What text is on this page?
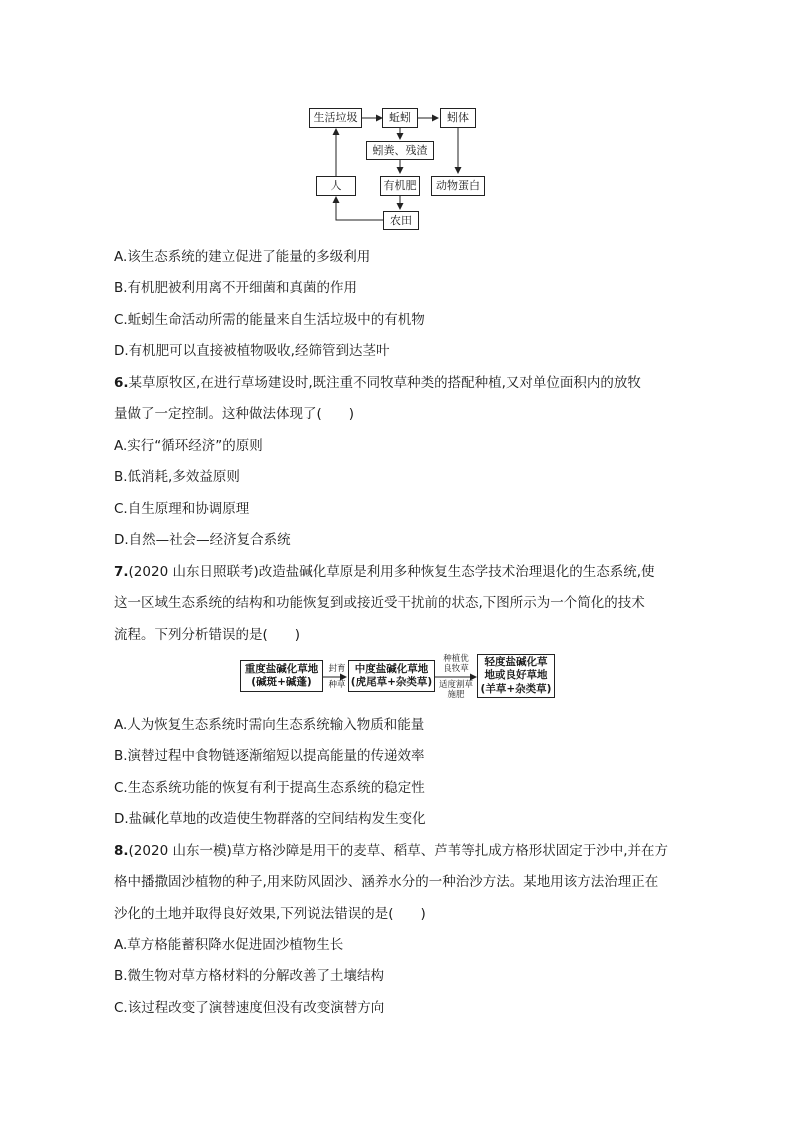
生活垃圾	蚯蚓	蚓体
蚓粪、残渣
人	有机肥	动物蛋白
农田
A.该生态系统的建立促进了能量的多级利用
B.有机肥被利用离不开细菌和真菌的作用
C.蚯蚓生命活动所需的能量来自生活垃圾中的有机物
D.有机肥可以直接被植物吸收,经筛管到达茎叶
6.某草原牧区,在进行草场建设时,既注重不同牧草种类的搭配种植,又对单位面积内的放牧
量做了一定控制。这种做法体现了(　　)
A.实行“循环经济”的原则
B.低消耗,多效益原则
C.自生原理和协调原理
D.自然—社会—经济复合系统
7.(2020 山东日照联考)改造盐碱化草原是利用多种恢复生态学技术治理退化的生态系统,使
这一区域生态系统的结构和功能恢复到或接近受干扰前的状态,下图所示为一个简化的技术
流程。下列分析错误的是(　　)
重度盐碱化草地
(碱斑+碱蓬)
封育
种草
中度盐碱化草地
(虎尾草+杂类草)
种植优
良牧草
适度割草
施肥
轻度盐碱化草
地或良好草地
(羊草+杂类草)
A.人为恢复生态系统时需向生态系统输入物质和能量
B.演替过程中食物链逐渐缩短以提高能量的传递效率
C.生态系统功能的恢复有利于提高生态系统的稳定性
D.盐碱化草地的改造使生物群落的空间结构发生变化
8.(2020 山东一模)草方格沙障是用干的麦草、稻草、芦苇等扎成方格形状固定于沙中,并在方
格中播撒固沙植物的种子,用来防风固沙、涵养水分的一种治沙方法。某地用该方法治理正在
沙化的土地并取得良好效果,下列说法错误的是(　　)
A.草方格能蓄积降水促进固沙植物生长
B.微生物对草方格材料的分解改善了土壤结构
C.该过程改变了演替速度但没有改变演替方向
